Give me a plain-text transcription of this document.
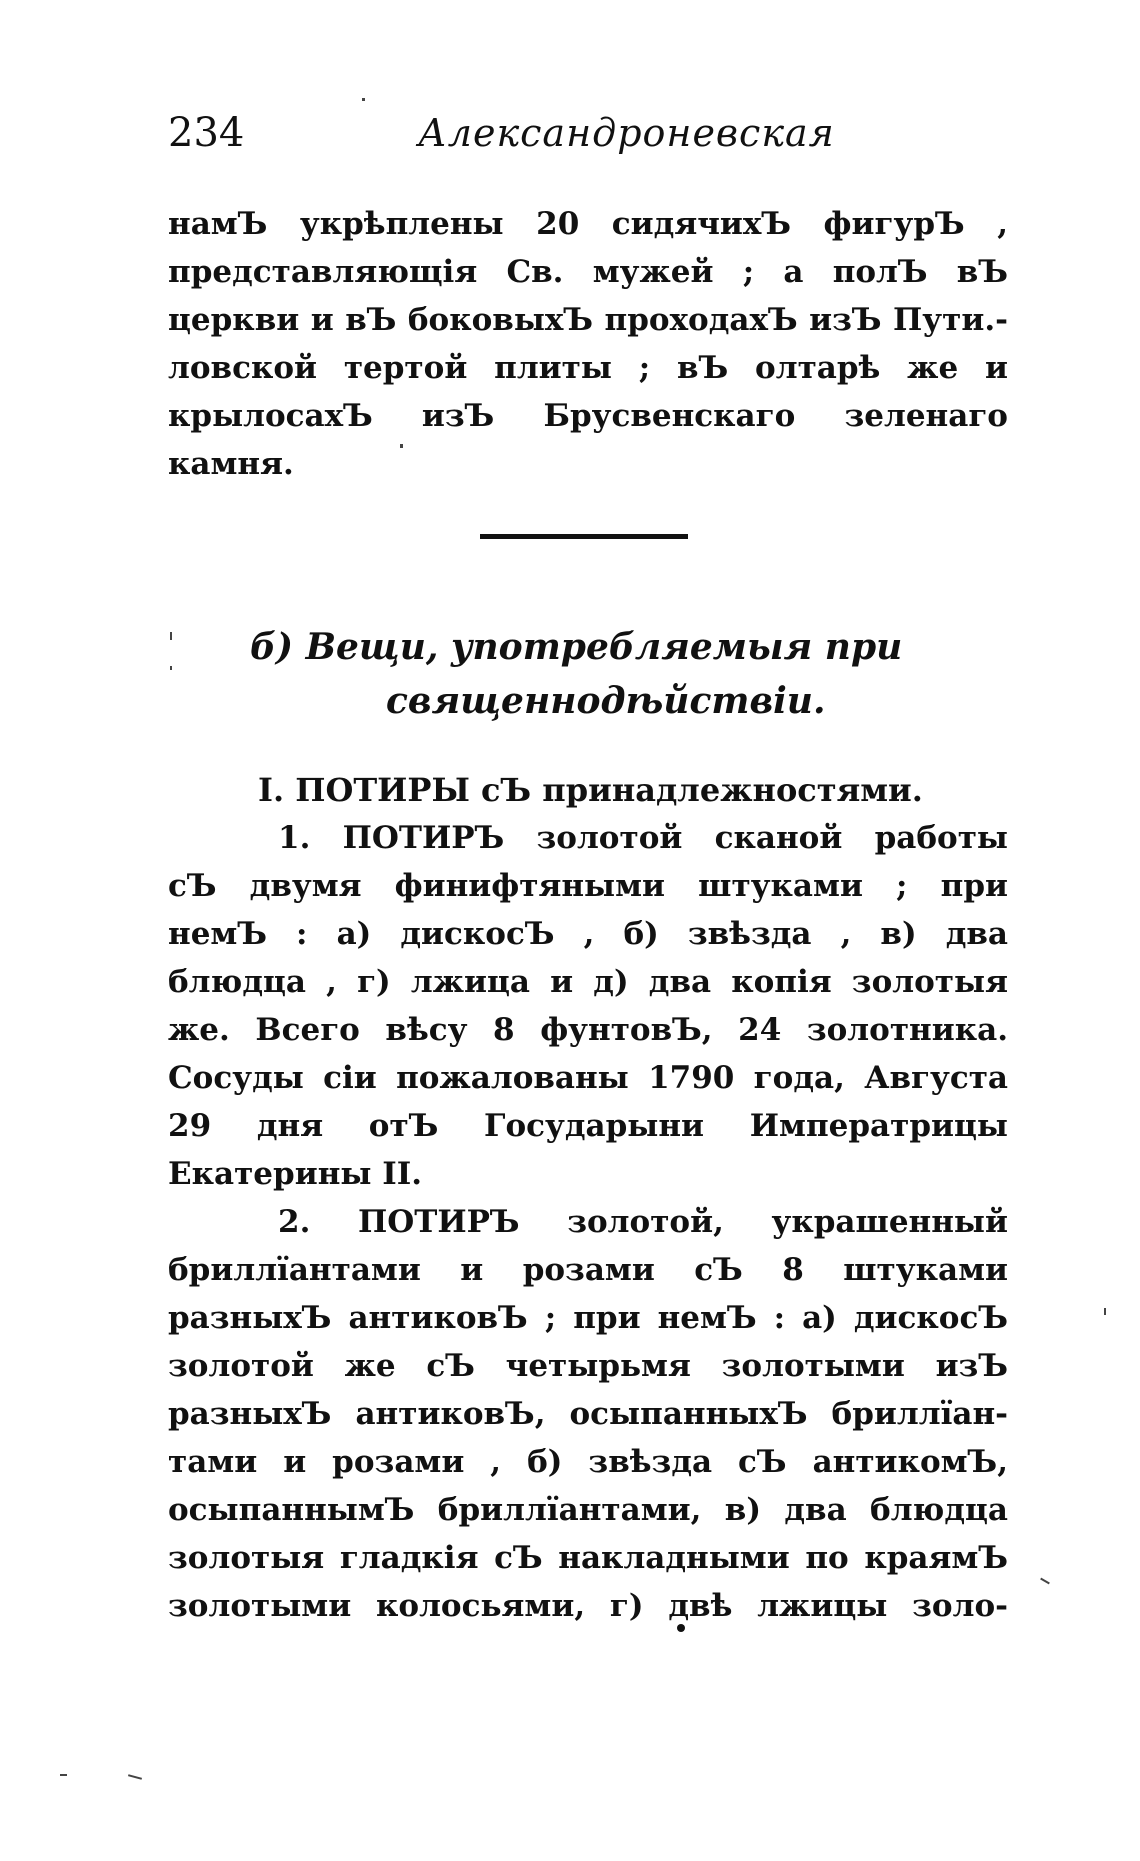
234	Александроневская
намЪ укрѣплены 20 сидячихЪ фигурЪ ,
представляющія Св. мужей ; а полЪ вЪ
церкви и вЪ боковыхЪ проходахЪ изЪ Пути.-
ловской тертой плиты ; вЪ олтарѣ же и
крылосахЪ изЪ Брусвенскаго зеленаго
камня.
б) Вещи, употребляемыя при
священнодѣйствіи.
I. ПОТИРЫ сЪ принадлежностями.
1. ПОТИРЪ золотой сканой работы
сЪ двумя финифтяными штуками ; при
немЪ : а) дискосЪ , б) звѣзда , в) два
блюдца , г) лжица и д) два копія золотыя
же. Всего вѣсу 8 фунтовЪ, 24 золотника.
Сосуды сіи пожалованы 1790 года, Августа
29 дня отЪ Государыни Императрицы
Екатерины II.
2. ПОТИРЪ золотой, украшенный
бриллїантами и розами сЪ 8 штуками
разныхЪ антиковЪ ; при немЪ : а) дискосЪ
золотой же сЪ четырьмя золотыми изЪ
разныхЪ антиковЪ, осыпанныхЪ бриллїан-
тами и розами , б) звѣзда сЪ антикомЪ,
осыпаннымЪ бриллїантами, в) два блюдца
золотыя гладкія сЪ накладными по краямЪ
золотыми колосьями, г) двѣ лжицы золо-
